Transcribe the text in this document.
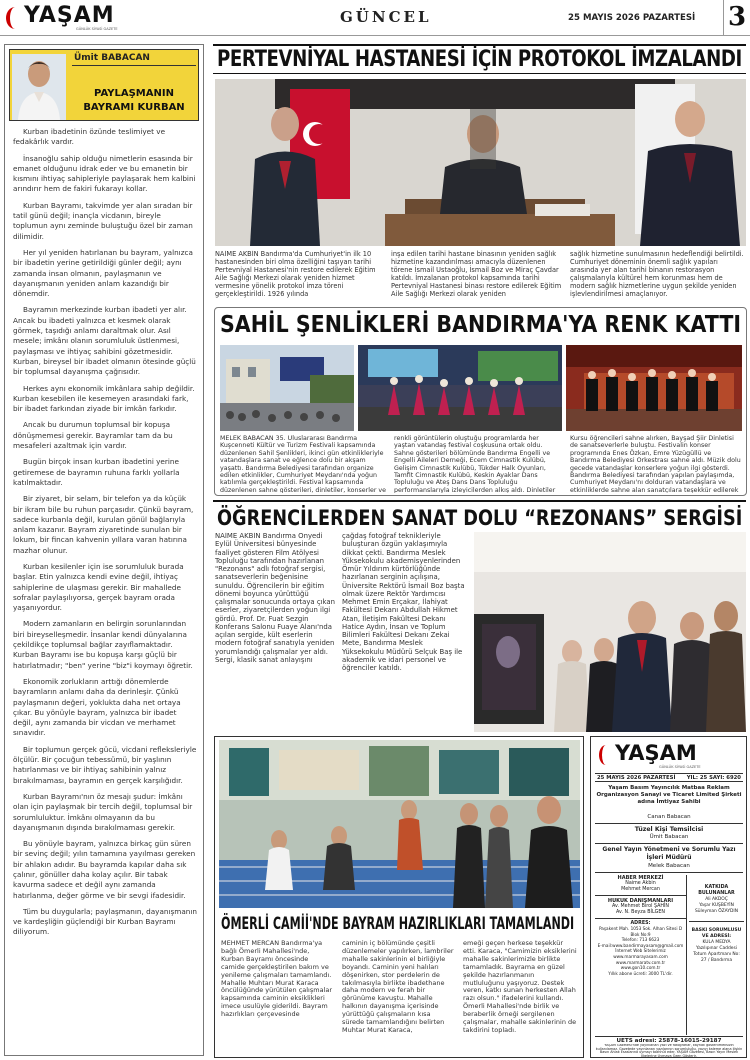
YAŞAM
GÜNLÜK SİYASİ GAZETE
GÜNCEL	25 MAYIS 2026 PAZARTESİ 3
Ümit BABACAN
PAYLAŞMANIN
BAYRAMI KURBAN

Kurban ibadetinin özünde teslimiyet ve fedakârlık vardır.

İnsanoğlu sahip olduğu nimetlerin esasında bir emanet olduğunu idrak eder ve bu emanetin bir kısmını ihtiyaç sahipleriyle paylaşarak hem kalbini arındırır hem de fakiri fukarayı kollar.

Kurban Bayramı, takvimde yer alan sıradan bir tatil günü değil; inançla vicdanın, bireyle toplumun aynı zeminde buluştuğu özel bir zaman dilimidir.

Her yıl yeniden hatırlanan bu bayram, yalnızca bir ibadetin yerine getirildiği günler değil; aynı zamanda insan olmanın, paylaşmanın ve dayanışmanın yeniden anlam kazandığı bir dönemdir.

Bayramın merkezinde kurban ibadeti yer alır. Ancak bu ibadeti yalnızca et kesmek olarak görmek, taşıdığı anlamı daraltmak olur. Asıl mesele; imkânı olanın sorumluluk üstlenmesi, paylaşması ve ihtiyaç sahibini gözetmesidir. Kurban, bireysel bir ibadet olmanın ötesinde güçlü bir toplumsal dayanışma çağrısıdır.

Herkes aynı ekonomik imkânlara sahip değildir. Kurban kesebilen ile kesemeyen arasındaki fark, bir ibadet farkından ziyade bir imkân farkıdır.

Ancak bu durumun toplumsal bir kopuşa dönüşmemesi gerekir. Bayramlar tam da bu mesafeleri azaltmak için vardır.

Bugün birçok insan kurban ibadetini yerine getiremese de bayramın ruhuna farklı yollarla katılmaktadır.

Bir ziyaret, bir selam, bir telefon ya da küçük bir ikram bile bu ruhun parçasıdır. Çünkü bayram, sadece kurbanla değil, kurulan gönül bağlarıyla anlam kazanır. Bayram ziyaretinde sunulan bir lokum, bir fincan kahvenin yıllara varan hatırına mazhar olunur.

Kurban kesilenler için ise sorumluluk burada başlar. Etin yalnızca kendi evine değil, ihtiyaç sahiplerine de ulaşması gerekir. Bir mahallede sofralar paylaşılıyorsa, gerçek bayram orada yaşanıyordur.

Modern zamanların en belirgin sorunlarından biri bireyselleşmedir. İnsanlar kendi dünyalarına çekildikçe toplumsal bağlar zayıflamaktadır. Kurban Bayramı ise bu kopuşa karşı güçlü bir hatırlatmadır; "ben" yerine "biz"i koymayı öğretir.

Ekonomik zorlukların arttığı dönemlerde bayramların anlamı daha da derinleşir. Çünkü paylaşmanın değeri, yoklukta daha net ortaya çıkar. Bu yönüyle bayram, yalnızca bir ibadet değil, aynı zamanda bir vicdan ve merhamet sınavıdır.

Bir toplumun gerçek gücü, vicdani refleksleriyle ölçülür. Bir çocuğun tebessümü, bir yaşlının hatırlanması ve bir ihtiyaç sahibinin yalnız bırakılmaması, bayramın en gerçek karşılığıdır.

Kurban Bayramı'nın öz mesajı şudur: İmkânı olan için paylaşmak bir tercih değil, toplumsal bir sorumluluktur. İmkânı olmayanın da bu dayanışmanın dışında bırakılmaması gerekir.

Bu yönüyle bayram, yalnızca birkaç gün süren bir sevinç değil; yılın tamamına yayılması gereken bir ahlakın adıdır. Bu bayramda kapılar daha sık çalınır, gönüller daha kolay açılır. Bir tabak kavurma sadece et değil aynı zamanda hatırlanma, değer görme ve bir sevgi ifadesidir.

Tüm bu duygularla; paylaşmanın, dayanışmanın ve kardeşliğin güçlendiği bir Kurban Bayramı diliyorum.

PERTEVNİYAL HASTANESİ İÇİN PROTOKOL İMZALANDI
NAİME AKBİN Bandırma'da Cumhuriyet'in ilk 10 hastanesinden biri olma özelliğini taşıyan tarihi Pertevniyal Hastanesi'nin restore edilerek Eğitim Aile Sağlığı Merkezi olarak yeniden hizmet vermesine yönelik protokol imza töreni gerçekleştirildi. 1926 yılında
inşa edilen tarihi hastane binasının yeniden sağlık hizmetine kazandırılması amacıyla düzenlenen törene İsmail Ustaoğlu, İsmail Boz ve Miraç Çavdar katıldı. İmzalanan protokol kapsamında tarihi Pertevniyal Hastanesi binası restore edilerek Eğitim Aile Sağlığı Merkezi olarak yeniden
sağlık hizmetine sunulmasının hedeflendiği belirtildi. Cumhuriyet döneminin önemli sağlık yapıları arasında yer alan tarihi binanın restorasyon çalışmalarıyla kültürel hem korunması hem de modern sağlık hizmetlerine uygun şekilde yeniden işlevlendirilmesi amaçlanıyor.
SAHİL ŞENLİKLERİ BANDIRMA'YA RENK KATTI
MELEK BABACAN 35. Uluslararası Bandırma Kuşcenneti Kültür ve Turizm Festivali kapsamında düzenlenen Sahil Şenlikleri, ikinci gün etkinlikleriyle vatandaşlara sanat ve eğlence dolu bir akşam yaşattı. Bandırma Belediyesi tarafından organize edilen etkinlikler, Cumhuriyet Meydanı'nda yoğun katılımla gerçekleştirildi. Festival kapsamında düzenlenen sahne gösterileri, dinletiler, konserler ve
renkli görüntülerin oluştuğu programlarda her yaştan vatandaş festival coşkusuna ortak oldu. Sahne gösterileri bölümünde Bandırma Engelli ve Engelli Aileleri Derneği, Ecem Cimnastik Kulübü, Gelişim Cimnastik Kulübü, Tükder Halk Oyunları, Tamfit Cimnastik Kulübü, Keskin Ayaklar Dans Topluluğu ve Ateş Dans Dans Topluluğu performanslarıyla izleyicilerden alkış aldı. Dinletiler
Kursu öğrencileri sahne alırken, Bayşad Şiir Dinletisi de sanatseverlerle buluştu. Festivalin konser programında Enes Özkan, Emre Yüzügüllü ve Bandırma Belediyesi Orkestrası sahne aldı. Müzik dolu gecede vatandaşlar konserlere yoğun ilgi gösterdi. Bandırma Belediyesi tarafından yapılan paylaşımda, Cumhuriyet Meydanı'nı dolduran vatandaşlara ve etkinliklerde sahne alan sanatçılara teşekkür edilerek
ÖĞRENCİLERDEN SANAT DOLU “REZONANS” SERGİSİ
NAİME AKBİN Bandırma Onyedi Eylül Üniversitesi bünyesinde faaliyet gösteren Film Atölyesi Topluluğu tarafından hazırlanan "Rezonans" adlı fotoğraf sergisi, sanatseverlerin beğenisine sunuldu. Öğrencilerin bir eğitim dönemi boyunca yürüttüğü çalışmalar sonucunda ortaya çıkan eserler, ziyaretçilerden yoğun ilgi gördü. Prof. Dr. Fuat Sezgin Konferans Salonu Fuaye Alanı'nda açılan sergide, kült eserlerin modern fotoğraf sanatıyla yeniden yorumlandığı çalışmalar yer aldı. Sergi, klasik sanat anlayışını
çağdaş fotoğraf teknikleriyle buluşturan özgün yaklaşımıyla dikkat çekti. Bandırma Meslek Yüksekokulu akademisyenlerinden Ömür Yıldırım kürtörlüğünde hazırlanan serginin açılışına, Üniversite Rektörü İsmail Boz başta olmak üzere Rektör Yardımcısı Mehmet Emin Erçakar, İlahiyat Fakültesi Dekanı Abdullah Hikmet Atan, İletişim Fakültesi Dekanı Hatice Aydın, İnsan ve Toplum Bilimleri Fakültesi Dekanı Zekai Mete, Bandırma Meslek Yüksekokulu Müdürü Selçuk Baş ile akademik ve idari personel ve öğrenciler katıldı.
ÖMERLİ CAMİİ'NDE BAYRAM HAZIRLIKLARI TAMAMLANDI
MEHMET MERCAN Bandırma'ya bağlı Ömerli Mahallesi'nde, Kurban Bayramı öncesinde camide gerçekleştirilen bakım ve yenileme çalışmaları tamamlandı. Mahalle Muhtarı Murat Karaca öncülüğünde yürütülen çalışmalar kapsamında caminin eksiklikleri imece usulüyle giderildi. Bayram hazırlıkları çerçevesinde
caminin iç bölümünde çeşitli düzenlemeler yapılırken, lambriler mahalle sakinlerinin el birliğiyle boyandı. Caminin yeni halıları döşenirken, stor perdelerin de takılmasıyla birlikte ibadethane daha modern ve ferah bir görünüme kavuştu. Mahalle halkının dayanışma içerisinde yürüttüğü çalışmaların kısa sürede tamamlandığını belirten Muhtar Murat Karaca,
emeği geçen herkese teşekkür etti. Karaca, "Camimizin eksiklerini mahalle sakinlerimizle birlikte tamamladık. Bayrama en güzel şekilde hazırlanmanın mutluluğunu yaşıyoruz. Destek veren, katkı sunan herkesten Allah razı olsun." ifadelerini kullandı. Ömerli Mahallesi'nde birlik ve beraberlik örneği sergilenen çalışmalar, mahalle sakinlerinin de takdirini topladı.
YAŞAM
GÜNLÜK SİYASİ GAZETE
25 MAYIS 2026 PAZARTESİ YIL: 25 SAYI: 6920
Yaşam Basım Yayıncılık Matbaa Reklam Organizasyon Sanayi ve Ticaret Limited Şirketi adına İmtiyaz Sahibi
Canan Babacan
Tüzel Kişi Temsilcisi
Ümit Babacan
Genel Yayın Yönetmeni ve Sorumlu Yazı İşleri Müdürü
Melek Babacan
HABER MERKEZİ
Naime Akbin
Mehmet Mercan
HUKUK DANIŞMANLARI
Av. Mehmet Birol ŞAHİN
Av. N. Beyza BİLGEN
ADRES:
Paşakent Mah. 1053 Sok. Alhan Sitesi D Blok No:9
Telefon: 713 6623
E-mail:www.bandirmayasam@gmail.com
İnternet Web Sitelerimiz
www.marmarayasam.com
www.marmaratv.com.tr
www.gon10.com.tr
Yıllık abone ücreti: 3000 TL'dir.
KATKIDA BULUNANLAR
Ali AKDOÇ
Yaşar KUŞBEYİN
Süleyman ÖZAYDIN
BASKI SORUMLUSU VE ADRESİ:
KULA MEDYA
Yazılıpınar Caddesi
Totum Apartmanı No:
27 / Bandırma
UETS adresi: 25878-16015-29187
YAŞAM Gazetesi'nde yayınlanan yazı ve fotoğraflar, kaynak gösterilmeksizin kullanılamaz. Gazetede yayınlanan yazılarının sorumluluğu, yazıyı kaleme alana ilişkin Basın Ahlak Esaslarına uymayı taahhüt eder. YAŞAM Gazetesi, Basın Yayın Meslek İlkelerine Uymaya Özen Gösterir.
